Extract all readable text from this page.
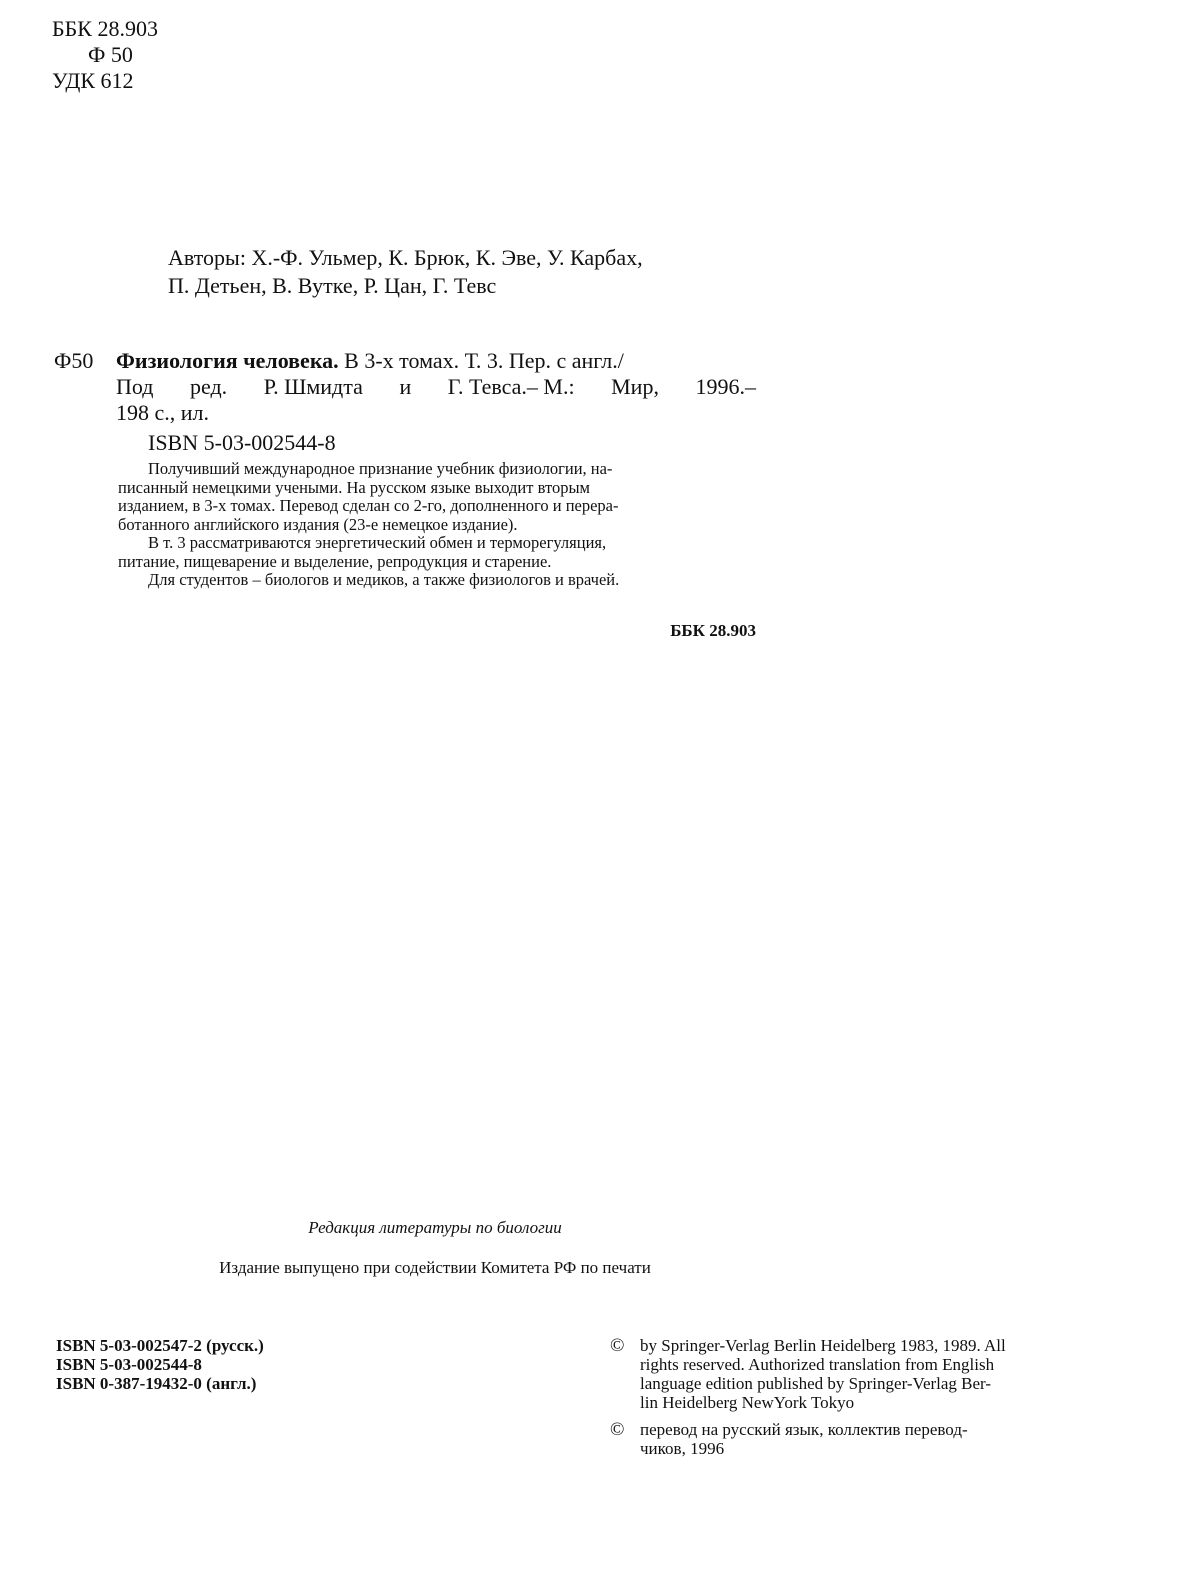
ББК 28.903
Ф 50
УДК 612
Авторы: Х.-Ф. Ульмер, К. Брюк, К. Эве, У. Карбах,
П. Детьен, В. Вутке, Р. Цан, Г. Тевс
Ф50 Физиология человека. В 3-х томах. Т. 3. Пер. с англ./
Под ред. Р. Шмидта и Г. Тевса.– М.: Мир, 1996.–
198 с., ил.
ISBN 5-03-002544-8
Получивший международное признание учебник физиологии, на-
писанный немецкими учеными. На русском языке выходит вторым
изданием, в 3-х томах. Перевод сделан со 2-го, дополненного и перера-
ботанного английского издания (23-е немецкое издание).
В т. 3 рассматриваются энергетический обмен и терморегуляция,
питание, пищеварение и выделение, репродукция и старение.
Для студентов – биологов и медиков, а также физиологов и врачей.
ББК 28.903
Редакция литературы по биологии
Издание выпущено при содействии Комитета РФ по печати
ISBN 5-03-002547-2 (русск.)
ISBN 5-03-002544-8
ISBN 0-387-19432-0 (англ.)
© by Springer-Verlag Berlin Heidelberg 1983, 1989. All
rights reserved. Authorized translation from English
language edition published by Springer-Verlag Ber-
lin Heidelberg NewYork Tokyo
© перевод на русский язык, коллектив перевод-
чиков, 1996
